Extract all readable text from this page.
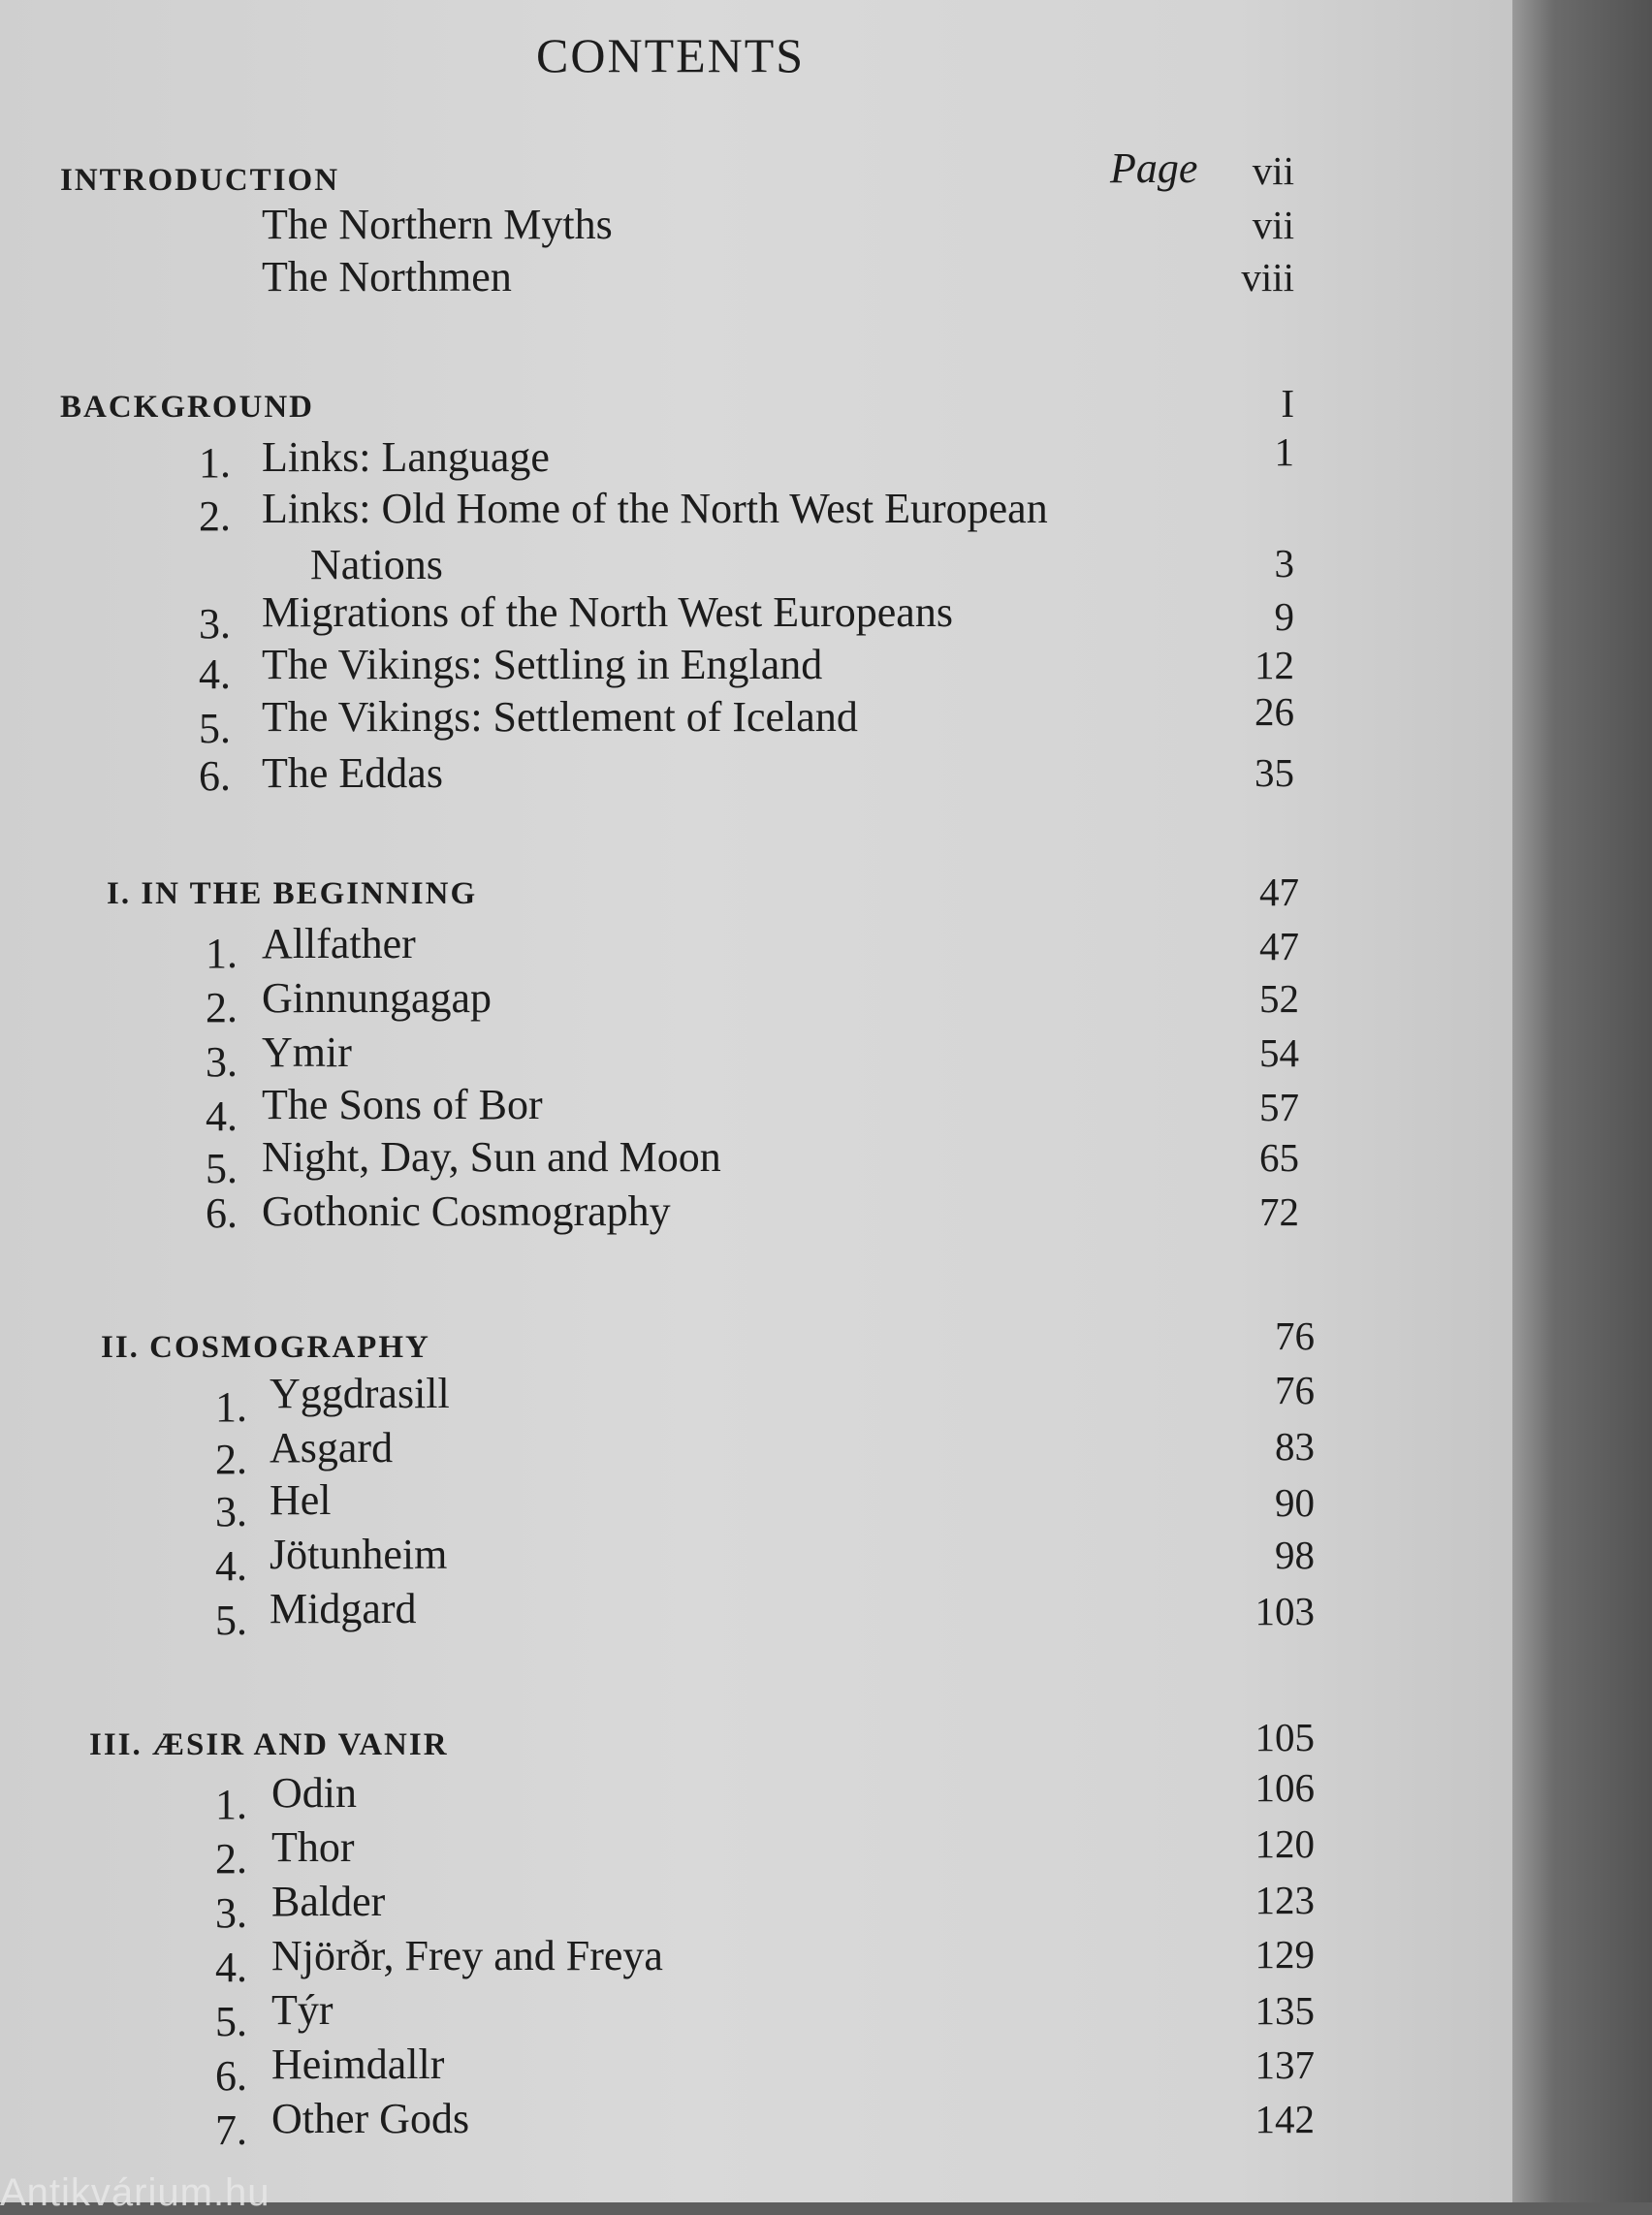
CONTENTS
Page
INTRODUCTION	vii
The Northern Myths	vii
The Northmen	viii
BACKGROUND	I
1. Links: Language	1
2. Links: Old Home of the North West European
Nations	3
3. Migrations of the North West Europeans	9
4. The Vikings: Settling in England	12
5. The Vikings: Settlement of Iceland	26
6. The Eddas	35
I. IN THE BEGINNING	47
1. Allfather	47
2. Ginnungagap	52
3. Ymir	54
4. The Sons of Bor	57
5. Night, Day, Sun and Moon	65
6. Gothonic Cosmography	72
II. COSMOGRAPHY	76
1. Yggdrasill	76
2. Asgard	83
3. Hel	90
4. Jötunheim	98
5. Midgard	103
III. ÆSIR AND VANIR	105
1. Odin	106
2. Thor	120
3. Balder	123
4. Njörðr, Frey and Freya	129
5. Týr	135
6. Heimdallr	137
7. Other Gods	142
Antikvárium.hu
